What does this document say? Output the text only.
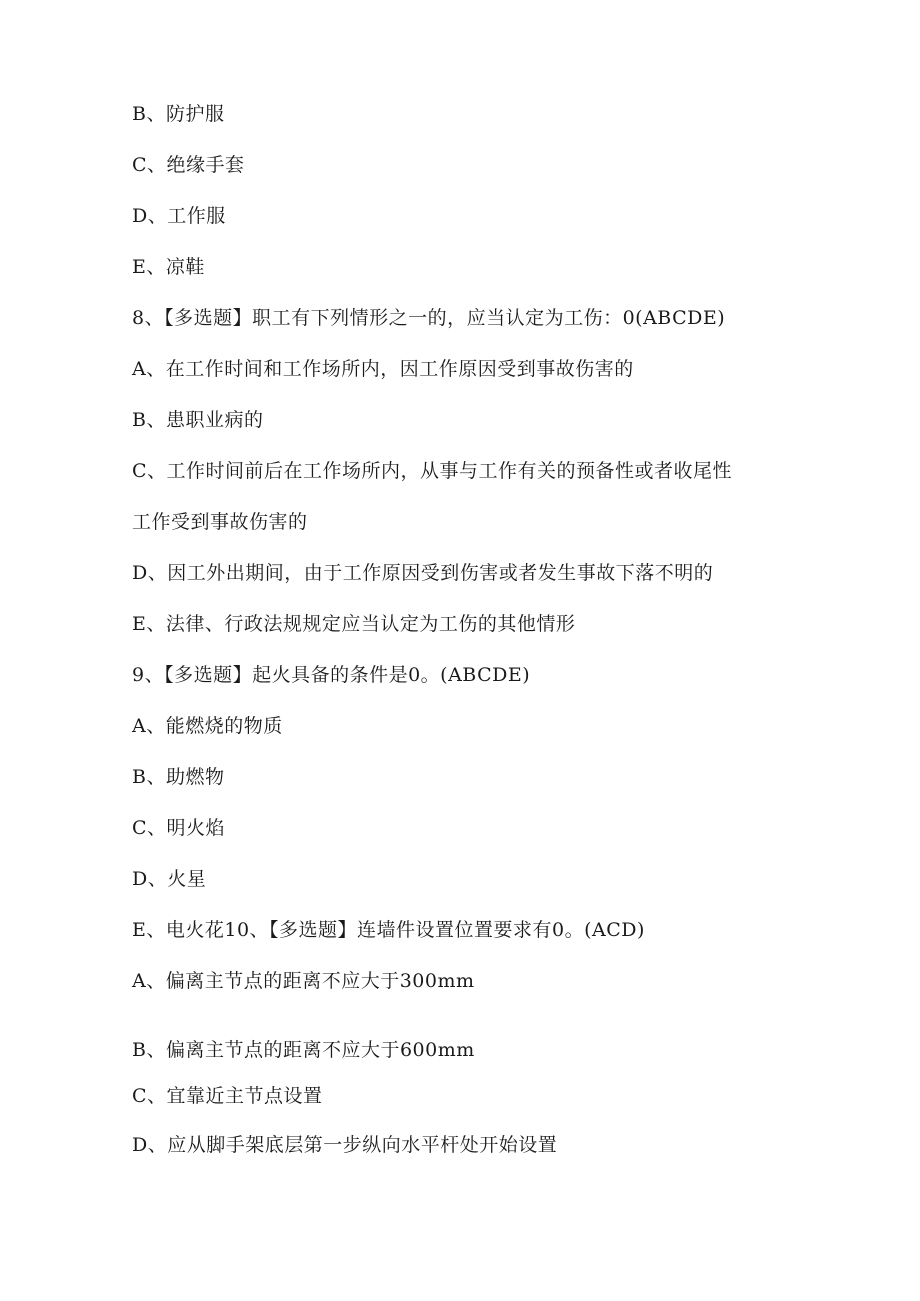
B、防护服
C、绝缘手套
D、工作服
E、凉鞋
8、【多选题】职工有下列情形之一的，应当认定为工伤：0(ABCDE)
A、在工作时间和工作场所内，因工作原因受到事故伤害的
B、患职业病的
C、工作时间前后在工作场所内，从事与工作有关的预备性或者收尾性
工作受到事故伤害的
D、因工外出期间，由于工作原因受到伤害或者发生事故下落不明的
E、法律、行政法规规定应当认定为工伤的其他情形
9、【多选题】起火具备的条件是0。(ABCDE)
A、能燃烧的物质
B、助燃物
C、明火焰
D、火星
E、电火花10、【多选题】连墙件设置位置要求有0。(ACD)
A、偏离主节点的距离不应大于300mm
B、偏离主节点的距离不应大于600mm
C、宜靠近主节点设置
D、应从脚手架底层第一步纵向水平杆处开始设置
